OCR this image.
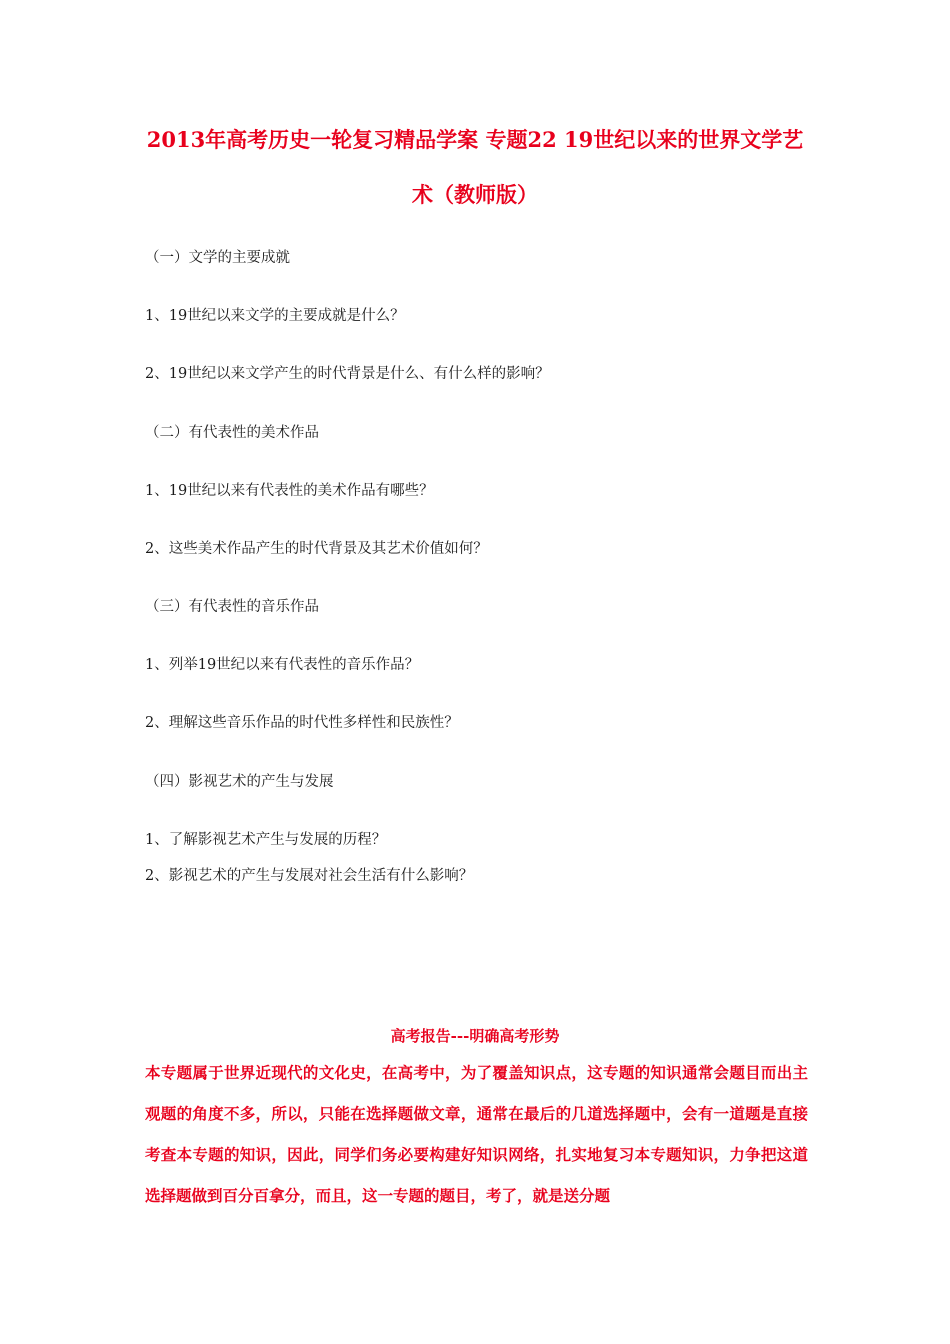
2013年高考历史一轮复习精品学案 专题22 19世纪以来的世界文学艺术（教师版）

（一）文学的主要成就

1、19世纪以来文学的主要成就是什么？

2、19世纪以来文学产生的时代背景是什么、有什么样的影响？

（二）有代表性的美术作品

1、19世纪以来有代表性的美术作品有哪些？

2、这些美术作品产生的时代背景及其艺术价值如何？

（三）有代表性的音乐作品

1、列举19世纪以来有代表性的音乐作品？

2、理解这些音乐作品的时代性多样性和民族性？

（四）影视艺术的产生与发展

1、了解影视艺术产生与发展的历程？

2、影视艺术的产生与发展对社会生活有什么影响？

高考报告---明确高考形势

本专题属于世界近现代的文化史，在高考中，为了覆盖知识点，这专题的知识通常会题目而出主观题的角度不多，所以，只能在选择题做文章，通常在最后的几道选择题中，会有一道题是直接考查本专题的知识，因此，同学们务必要构建好知识网络，扎实地复习本专题知识，力争把这道选择题做到百分百拿分，而且，这一专题的题目，考了，就是送分题
